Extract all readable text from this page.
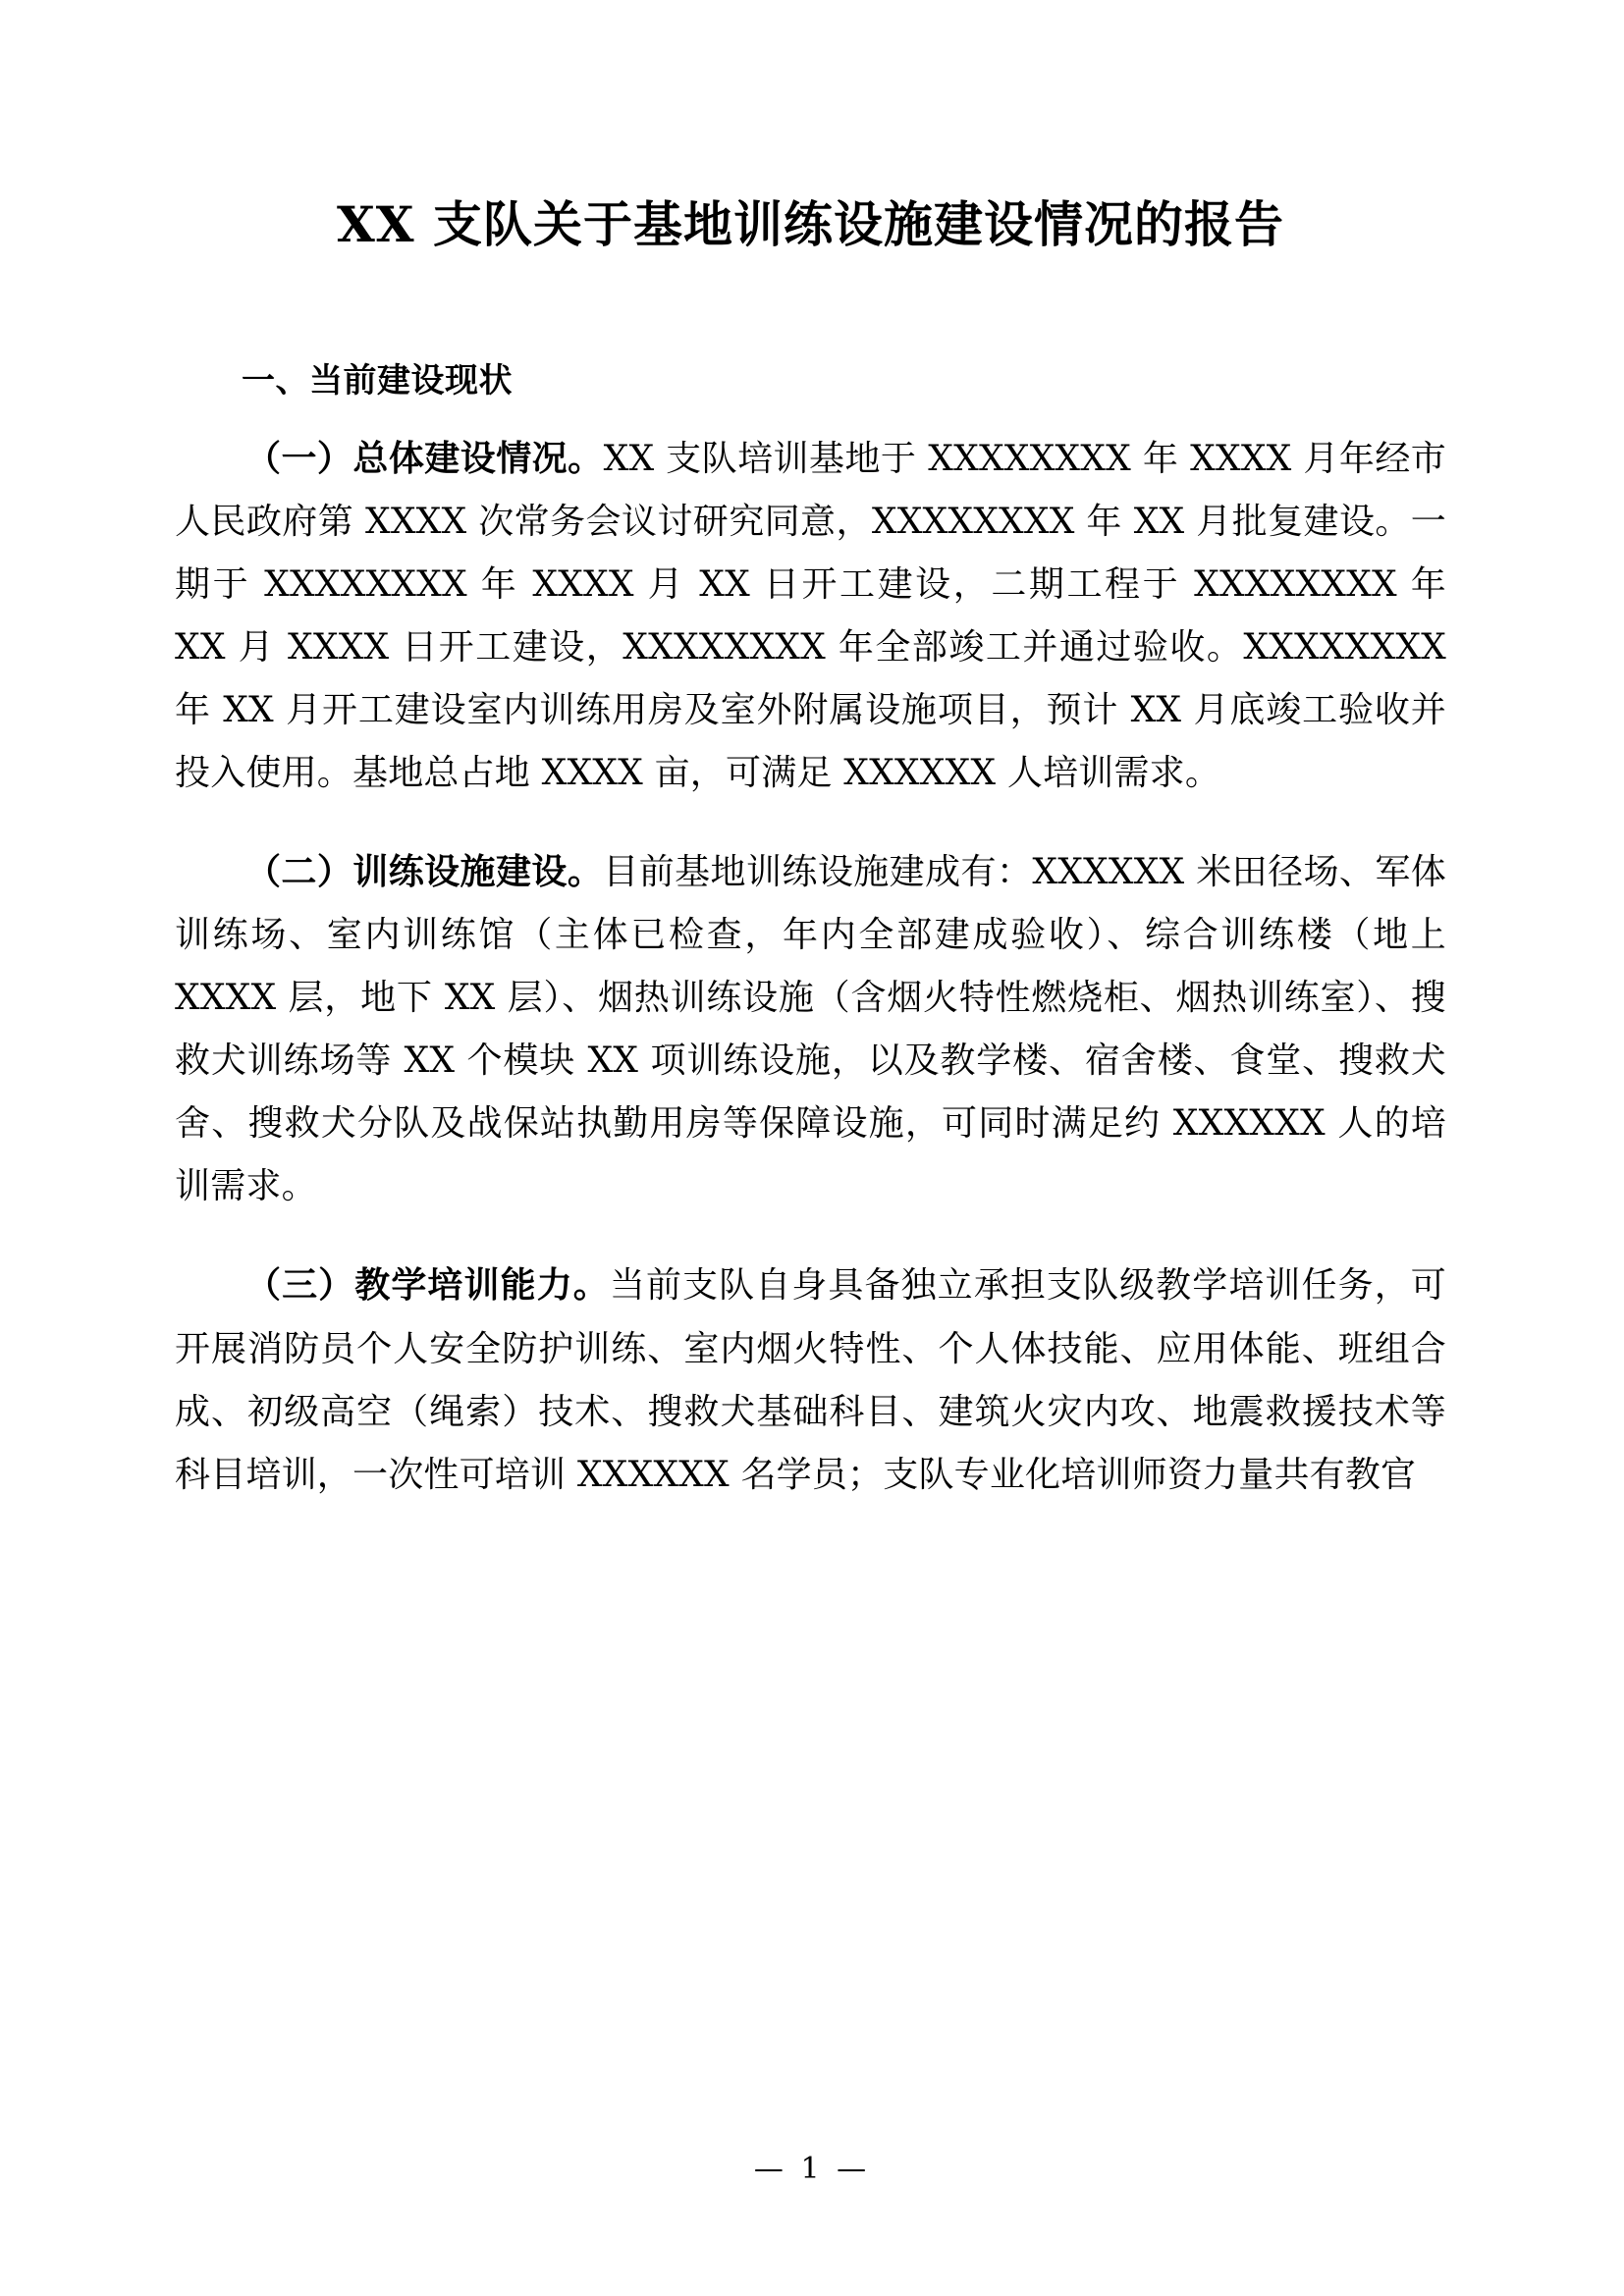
XX 支队关于基地训练设施建设情况的报告
一、当前建设现状

（一）总体建设情况。XX 支队培训基地于 XXXXXXXX 年 XXXX 月年经市人民政府第 XXXX 次常务会议讨研究同意，XXXXXXXX 年 XX 月批复建设。一期于 XXXXXXXX 年 XXXX 月 XX 日开工建设，二期工程于 XXXXXXXX 年 XX 月 XXXX 日开工建设，XXXXXXXX 年全部竣工并通过验收。XXXXXXXX 年 XX 月开工建设室内训练用房及室外附属设施项目，预计 XX 月底竣工验收并投入使用。基地总占地 XXXX 亩，可满足 XXXXXX 人培训需求。

（二）训练设施建设。目前基地训练设施建成有：XXXXXX 米田径场、军体训练场、室内训练馆（主体已检查，年内全部建成验收）、综合训练楼（地上 XXXX 层，地下 XX 层）、烟热训练设施（含烟火特性燃烧柜、烟热训练室）、搜救犬训练场等 XX 个模块 XX 项训练设施，以及教学楼、宿舍楼、食堂、搜救犬舍、搜救犬分队及战保站执勤用房等保障设施，可同时满足约 XXXXXX 人的培训需求。

（三）教学培训能力。当前支队自身具备独立承担支队级教学培训任务，可开展消防员个人安全防护训练、室内烟火特性、个人体技能、应用体能、班组合成、初级高空（绳索）技术、搜救犬基础科目、建筑火灾内攻、地震救援技术等科目培训，一次性可培训 XXXXXX 名学员；支队专业化培训师资力量共有教官

— 1 —
